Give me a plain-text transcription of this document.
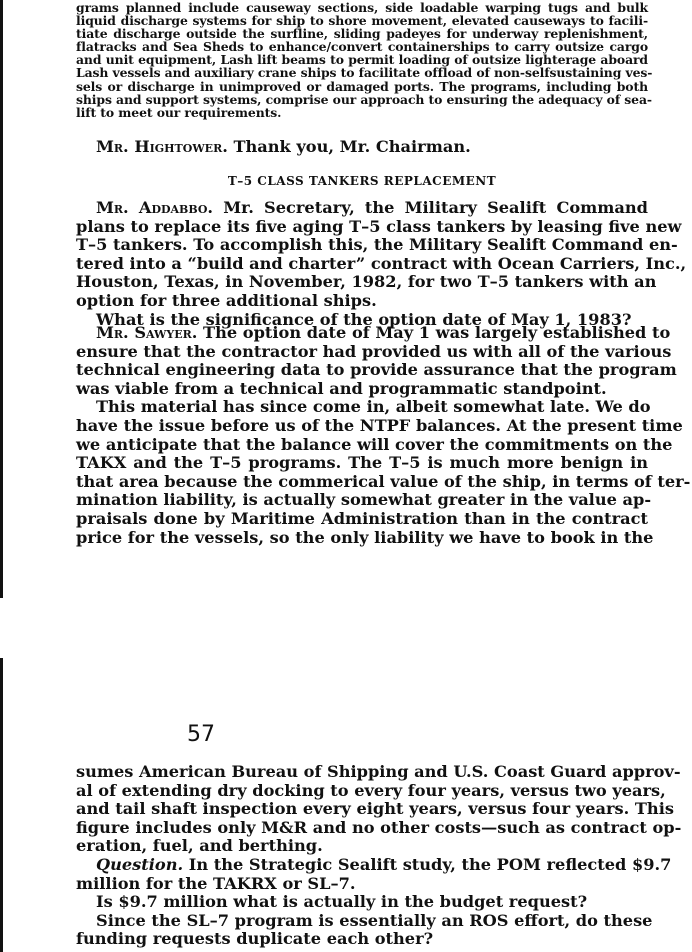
grams planned include causeway sections, side loadable warping tugs and bulk
liquid discharge systems for ship to shore movement, elevated causeways to facili-
tiate discharge outside the surfline, sliding padeyes for underway replenishment,
flatracks and Sea Sheds to enhance/convert containerships to carry outsize cargo
and unit equipment, Lash lift beams to permit loading of outsize lighterage aboard
Lash vessels and auxiliary crane ships to facilitate offload of non-selfsustaining ves-
sels or discharge in unimproved or damaged ports. The programs, including both
ships and support systems, comprise our approach to ensuring the adequacy of sea-
lift to meet our requirements.
Mr. Hightower. Thank you, Mr. Chairman.
T–5 CLASS TANKERS REPLACEMENT
Mr. Addabbo. Mr. Secretary, the Military Sealift Command
plans to replace its five aging T–5 class tankers by leasing five new
T–5 tankers. To accomplish this, the Military Sealift Command en-
tered into a “build and charter” contract with Ocean Carriers, Inc.,
Houston, Texas, in November, 1982, for two T–5 tankers with an
option for three additional ships.
What is the significance of the option date of May 1, 1983?
Mr. Sawyer. The option date of May 1 was largely established to
ensure that the contractor had provided us with all of the various
technical engineering data to provide assurance that the program
was viable from a technical and programmatic standpoint.
This material has since come in, albeit somewhat late. We do
have the issue before us of the NTPF balances. At the present time
we anticipate that the balance will cover the commitments on the
TAKX and the T–5 programs. The T–5 is much more benign in
that area because the commerical value of the ship, in terms of ter-
mination liability, is actually somewhat greater in the value ap-
praisals done by Maritime Administration than in the contract
price for the vessels, so the only liability we have to book in the
57
sumes American Bureau of Shipping and U.S. Coast Guard approv-
al of extending dry docking to every four years, versus two years,
and tail shaft inspection every eight years, versus four years. This
figure includes only M&R and no other costs—such as contract op-
eration, fuel, and berthing.
Question. In the Strategic Sealift study, the POM reflected $9.7
million for the TAKRX or SL–7.
Is $9.7 million what is actually in the budget request?
Since the SL–7 program is essentially an ROS effort, do these
funding requests duplicate each other?
